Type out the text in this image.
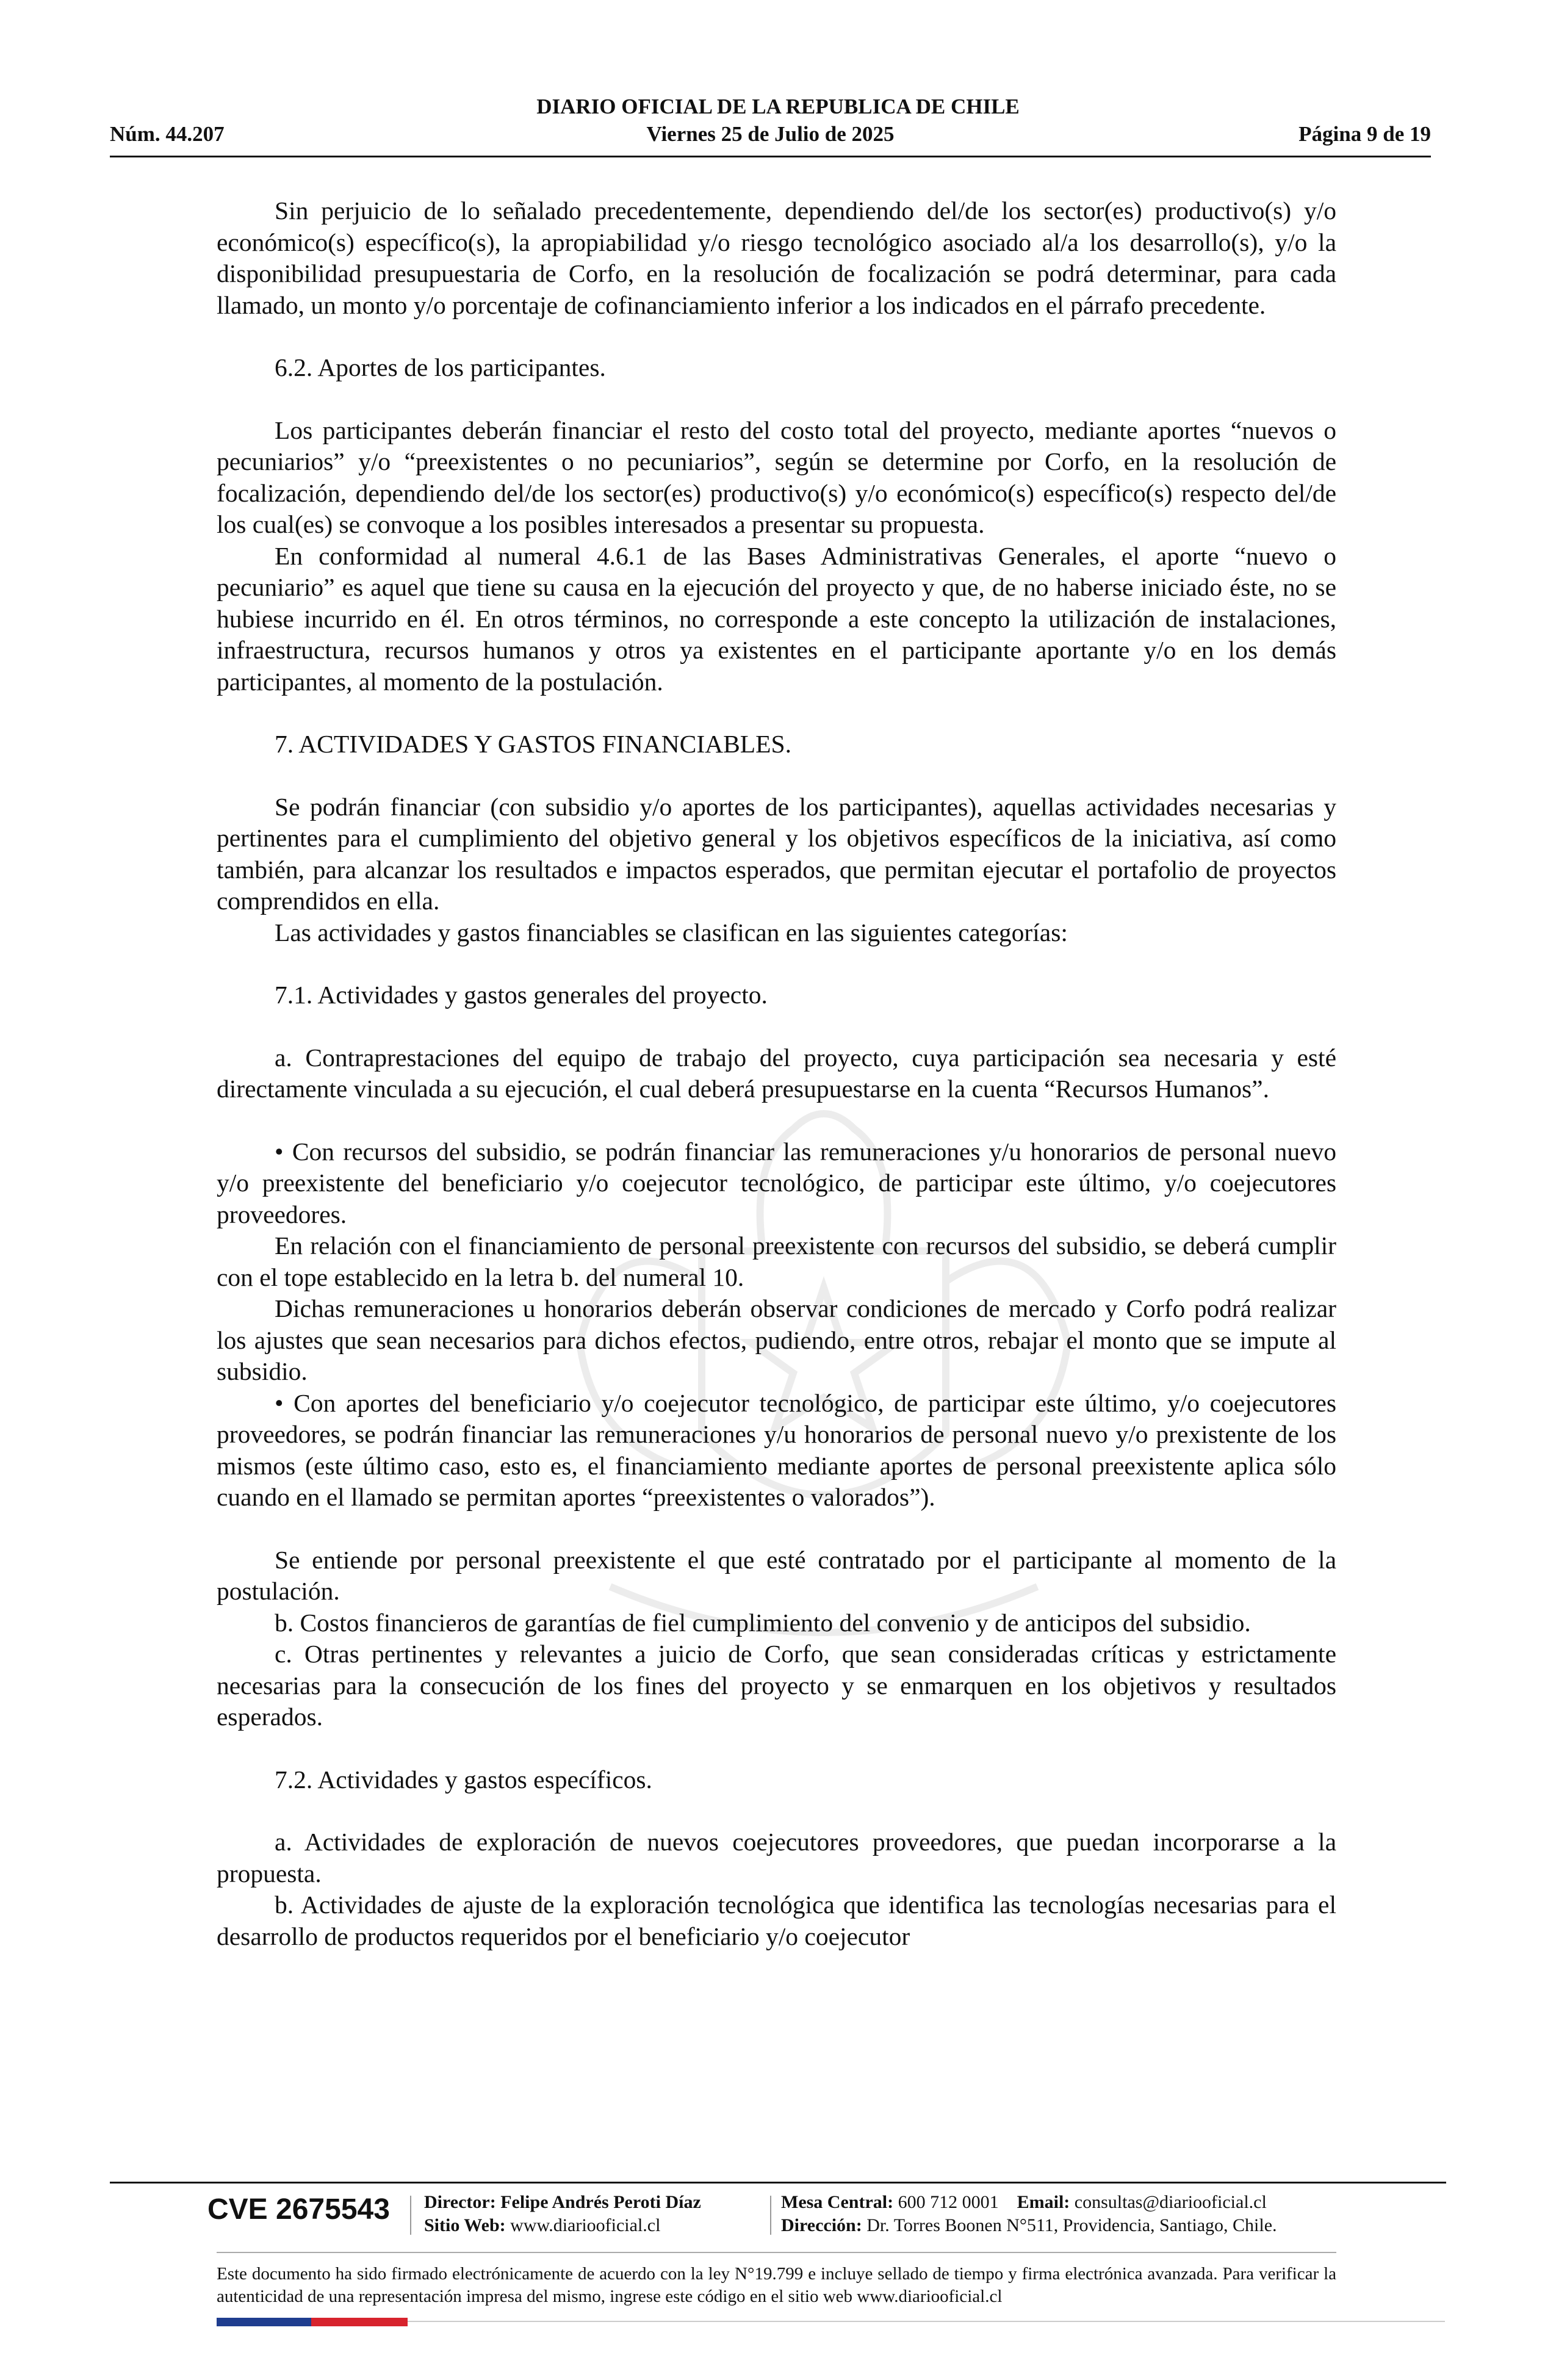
DIARIO OFICIAL DE LA REPUBLICA DE CHILE
Núm. 44.207	Viernes 25 de Julio de 2025	Página 9 de 19

Sin perjuicio de lo señalado precedentemente, dependiendo del/de los sector(es) productivo(s) y/o económico(s) específico(s), la apropiabilidad y/o riesgo tecnológico asociado al/a los desarrollo(s), y/o la disponibilidad presupuestaria de Corfo, en la resolución de focalización se podrá determinar, para cada llamado, un monto y/o porcentaje de cofinanciamiento inferior a los indicados en el párrafo precedente.

6.2. Aportes de los participantes.

Los participantes deberán financiar el resto del costo total del proyecto, mediante aportes “nuevos o pecuniarios” y/o “preexistentes o no pecuniarios”, según se determine por Corfo, en la resolución de focalización, dependiendo del/de los sector(es) productivo(s) y/o económico(s) específico(s) respecto del/de los cual(es) se convoque a los posibles interesados a presentar su propuesta.

En conformidad al numeral 4.6.1 de las Bases Administrativas Generales, el aporte “nuevo o pecuniario” es aquel que tiene su causa en la ejecución del proyecto y que, de no haberse iniciado éste, no se hubiese incurrido en él. En otros términos, no corresponde a este concepto la utilización de instalaciones, infraestructura, recursos humanos y otros ya existentes en el participante aportante y/o en los demás participantes, al momento de la postulación.

7. ACTIVIDADES Y GASTOS FINANCIABLES.

Se podrán financiar (con subsidio y/o aportes de los participantes), aquellas actividades necesarias y pertinentes para el cumplimiento del objetivo general y los objetivos específicos de la iniciativa, así como también, para alcanzar los resultados e impactos esperados, que permitan ejecutar el portafolio de proyectos comprendidos en ella.

Las actividades y gastos financiables se clasifican en las siguientes categorías:

7.1. Actividades y gastos generales del proyecto.

a. Contraprestaciones del equipo de trabajo del proyecto, cuya participación sea necesaria y esté directamente vinculada a su ejecución, el cual deberá presupuestarse en la cuenta “Recursos Humanos”.

• Con recursos del subsidio, se podrán financiar las remuneraciones y/u honorarios de personal nuevo y/o preexistente del beneficiario y/o coejecutor tecnológico, de participar este último, y/o coejecutores proveedores.

En relación con el financiamiento de personal preexistente con recursos del subsidio, se deberá cumplir con el tope establecido en la letra b. del numeral 10.

Dichas remuneraciones u honorarios deberán observar condiciones de mercado y Corfo podrá realizar los ajustes que sean necesarios para dichos efectos, pudiendo, entre otros, rebajar el monto que se impute al subsidio.

• Con aportes del beneficiario y/o coejecutor tecnológico, de participar este último, y/o coejecutores proveedores, se podrán financiar las remuneraciones y/u honorarios de personal nuevo y/o prexistente de los mismos (este último caso, esto es, el financiamiento mediante aportes de personal preexistente aplica sólo cuando en el llamado se permitan aportes “preexistentes o valorados”).

Se entiende por personal preexistente el que esté contratado por el participante al momento de la postulación.

b. Costos financieros de garantías de fiel cumplimiento del convenio y de anticipos del subsidio.

c. Otras pertinentes y relevantes a juicio de Corfo, que sean consideradas críticas y estrictamente necesarias para la consecución de los fines del proyecto y se enmarquen en los objetivos y resultados esperados.

7.2. Actividades y gastos específicos.

a. Actividades de exploración de nuevos coejecutores proveedores, que puedan incorporarse a la propuesta.

b. Actividades de ajuste de la exploración tecnológica que identifica las tecnologías necesarias para el desarrollo de productos requeridos por el beneficiario y/o coejecutor

CVE 2675543 Director: Felipe Andrés Peroti Díaz
Sitio Web: www.diariooficial.cl
Mesa Central: 600 712 0001 Email: consultas@diariooficial.cl
Dirección: Dr. Torres Boonen N°511, Providencia, Santiago, Chile.
Este documento ha sido firmado electrónicamente de acuerdo con la ley N°19.799 e incluye sellado de tiempo y firma electrónica avanzada. Para verificar la autenticidad de una representación impresa del mismo, ingrese este código en el sitio web www.diariooficial.cl
